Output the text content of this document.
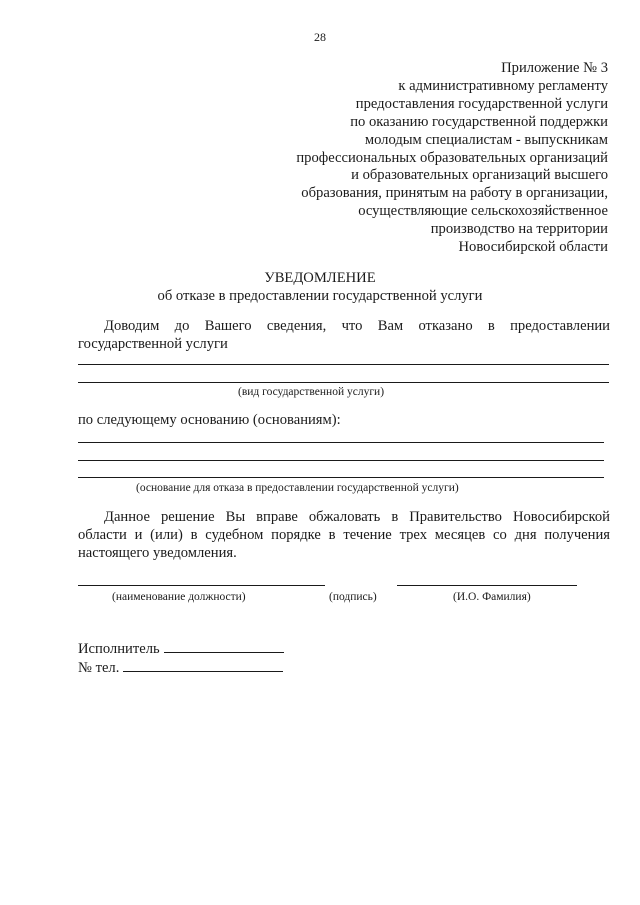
28
Приложение № 3
к административному регламенту
предоставления государственной услуги
по оказанию государственной поддержки
молодым специалистам - выпускникам
профессиональных образовательных организаций
и образовательных организаций высшего
образования, принятым на работу в организации,
осуществляющие сельскохозяйственное
производство на территории
Новосибирской области
УВЕДОМЛЕНИЕ
об отказе в предоставлении государственной услуги
Доводим до Вашего сведения, что Вам отказано в предоставлении государственной услуги
(вид государственной услуги)
по следующему основанию (основаниям):
(основание для отказа в предоставлении государственной услуги)
Данное решение Вы вправе обжаловать в Правительство Новосибирской области и (или) в судебном порядке в течение трех месяцев со дня получения настоящего уведомления.
(наименование должности)	(подпись)	(И.О. Фамилия)
Исполнитель
№ тел.
